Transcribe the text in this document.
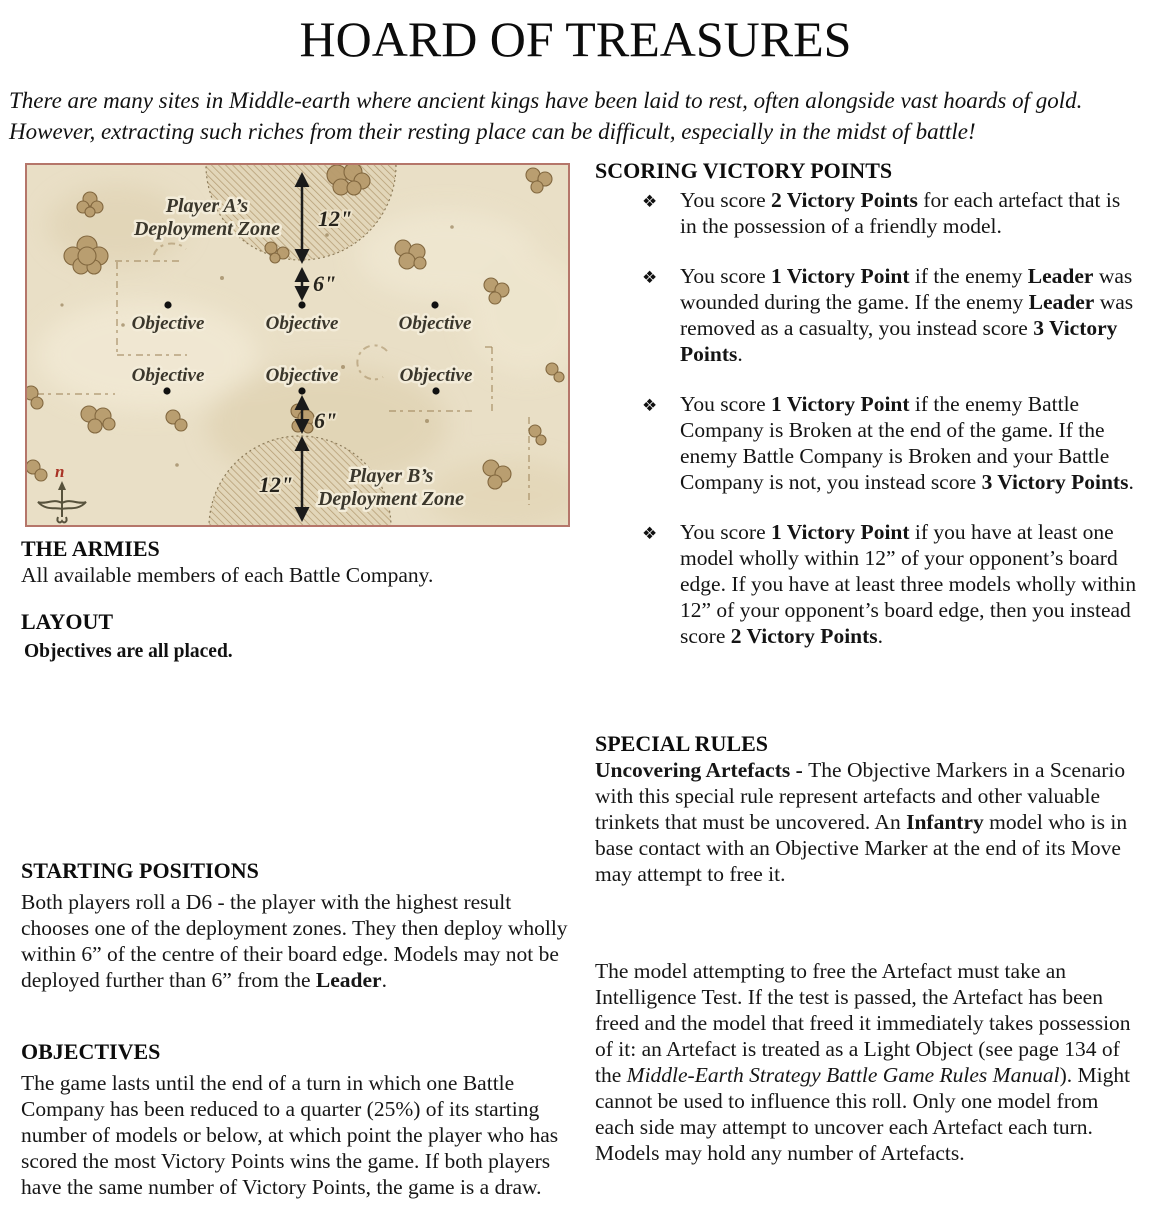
HOARD OF TREASURES
There are many sites in Middle-earth where ancient kings have been laid to rest, often alongside vast hoards of gold. However, extracting such riches from their resting place can be difficult, especially in the midst of battle!
Player A’s
Deployment Zone 12"
6"
Objective	Objective	Objective
Objective	Objective	Objective
6"
12"	Player B’s
Deployment Zone
n
THE ARMIES
All available members of each Battle Company.
LAYOUT
Objectives are all placed.
STARTING POSITIONS
Both players roll a D6 - the player with the highest result chooses one of the deployment zones. They then deploy wholly within 6” of the centre of their board edge. Models may not be deployed further than 6” from the Leader.
OBJECTIVES
The game lasts until the end of a turn in which one Battle Company has been reduced to a quarter (25%) of its starting number of models or below, at which point the player who has scored the most Victory Points wins the game. If both players have the same number of Victory Points, the game is a draw.
SCORING VICTORY POINTS
❖ You score 2 Victory Points for each artefact that is in the possession of a friendly model.
❖ You score 1 Victory Point if the enemy Leader was wounded during the game. If the enemy Leader was removed as a casualty, you instead score 3 Victory Points.
❖ You score 1 Victory Point if the enemy Battle Company is Broken at the end of the game. If the enemy Battle Company is Broken and your Battle Company is not, you instead score 3 Victory Points.
❖ You score 1 Victory Point if you have at least one model wholly within 12” of your opponent’s board edge. If you have at least three models wholly within 12” of your opponent’s board edge, then you instead score 2 Victory Points.
SPECIAL RULES
Uncovering Artefacts - The Objective Markers in a Scenario with this special rule represent artefacts and other valuable trinkets that must be uncovered. An Infantry model who is in base contact with an Objective Marker at the end of its Move may attempt to free it.
The model attempting to free the Artefact must take an Intelligence Test. If the test is passed, the Artefact has been freed and the model that freed it immediately takes possession of it: an Artefact is treated as a Light Object (see page 134 of the Middle-Earth Strategy Battle Game Rules Manual). Might cannot be used to influence this roll. Only one model from each side may attempt to uncover each Artefact each turn. Models may hold any number of Artefacts.
